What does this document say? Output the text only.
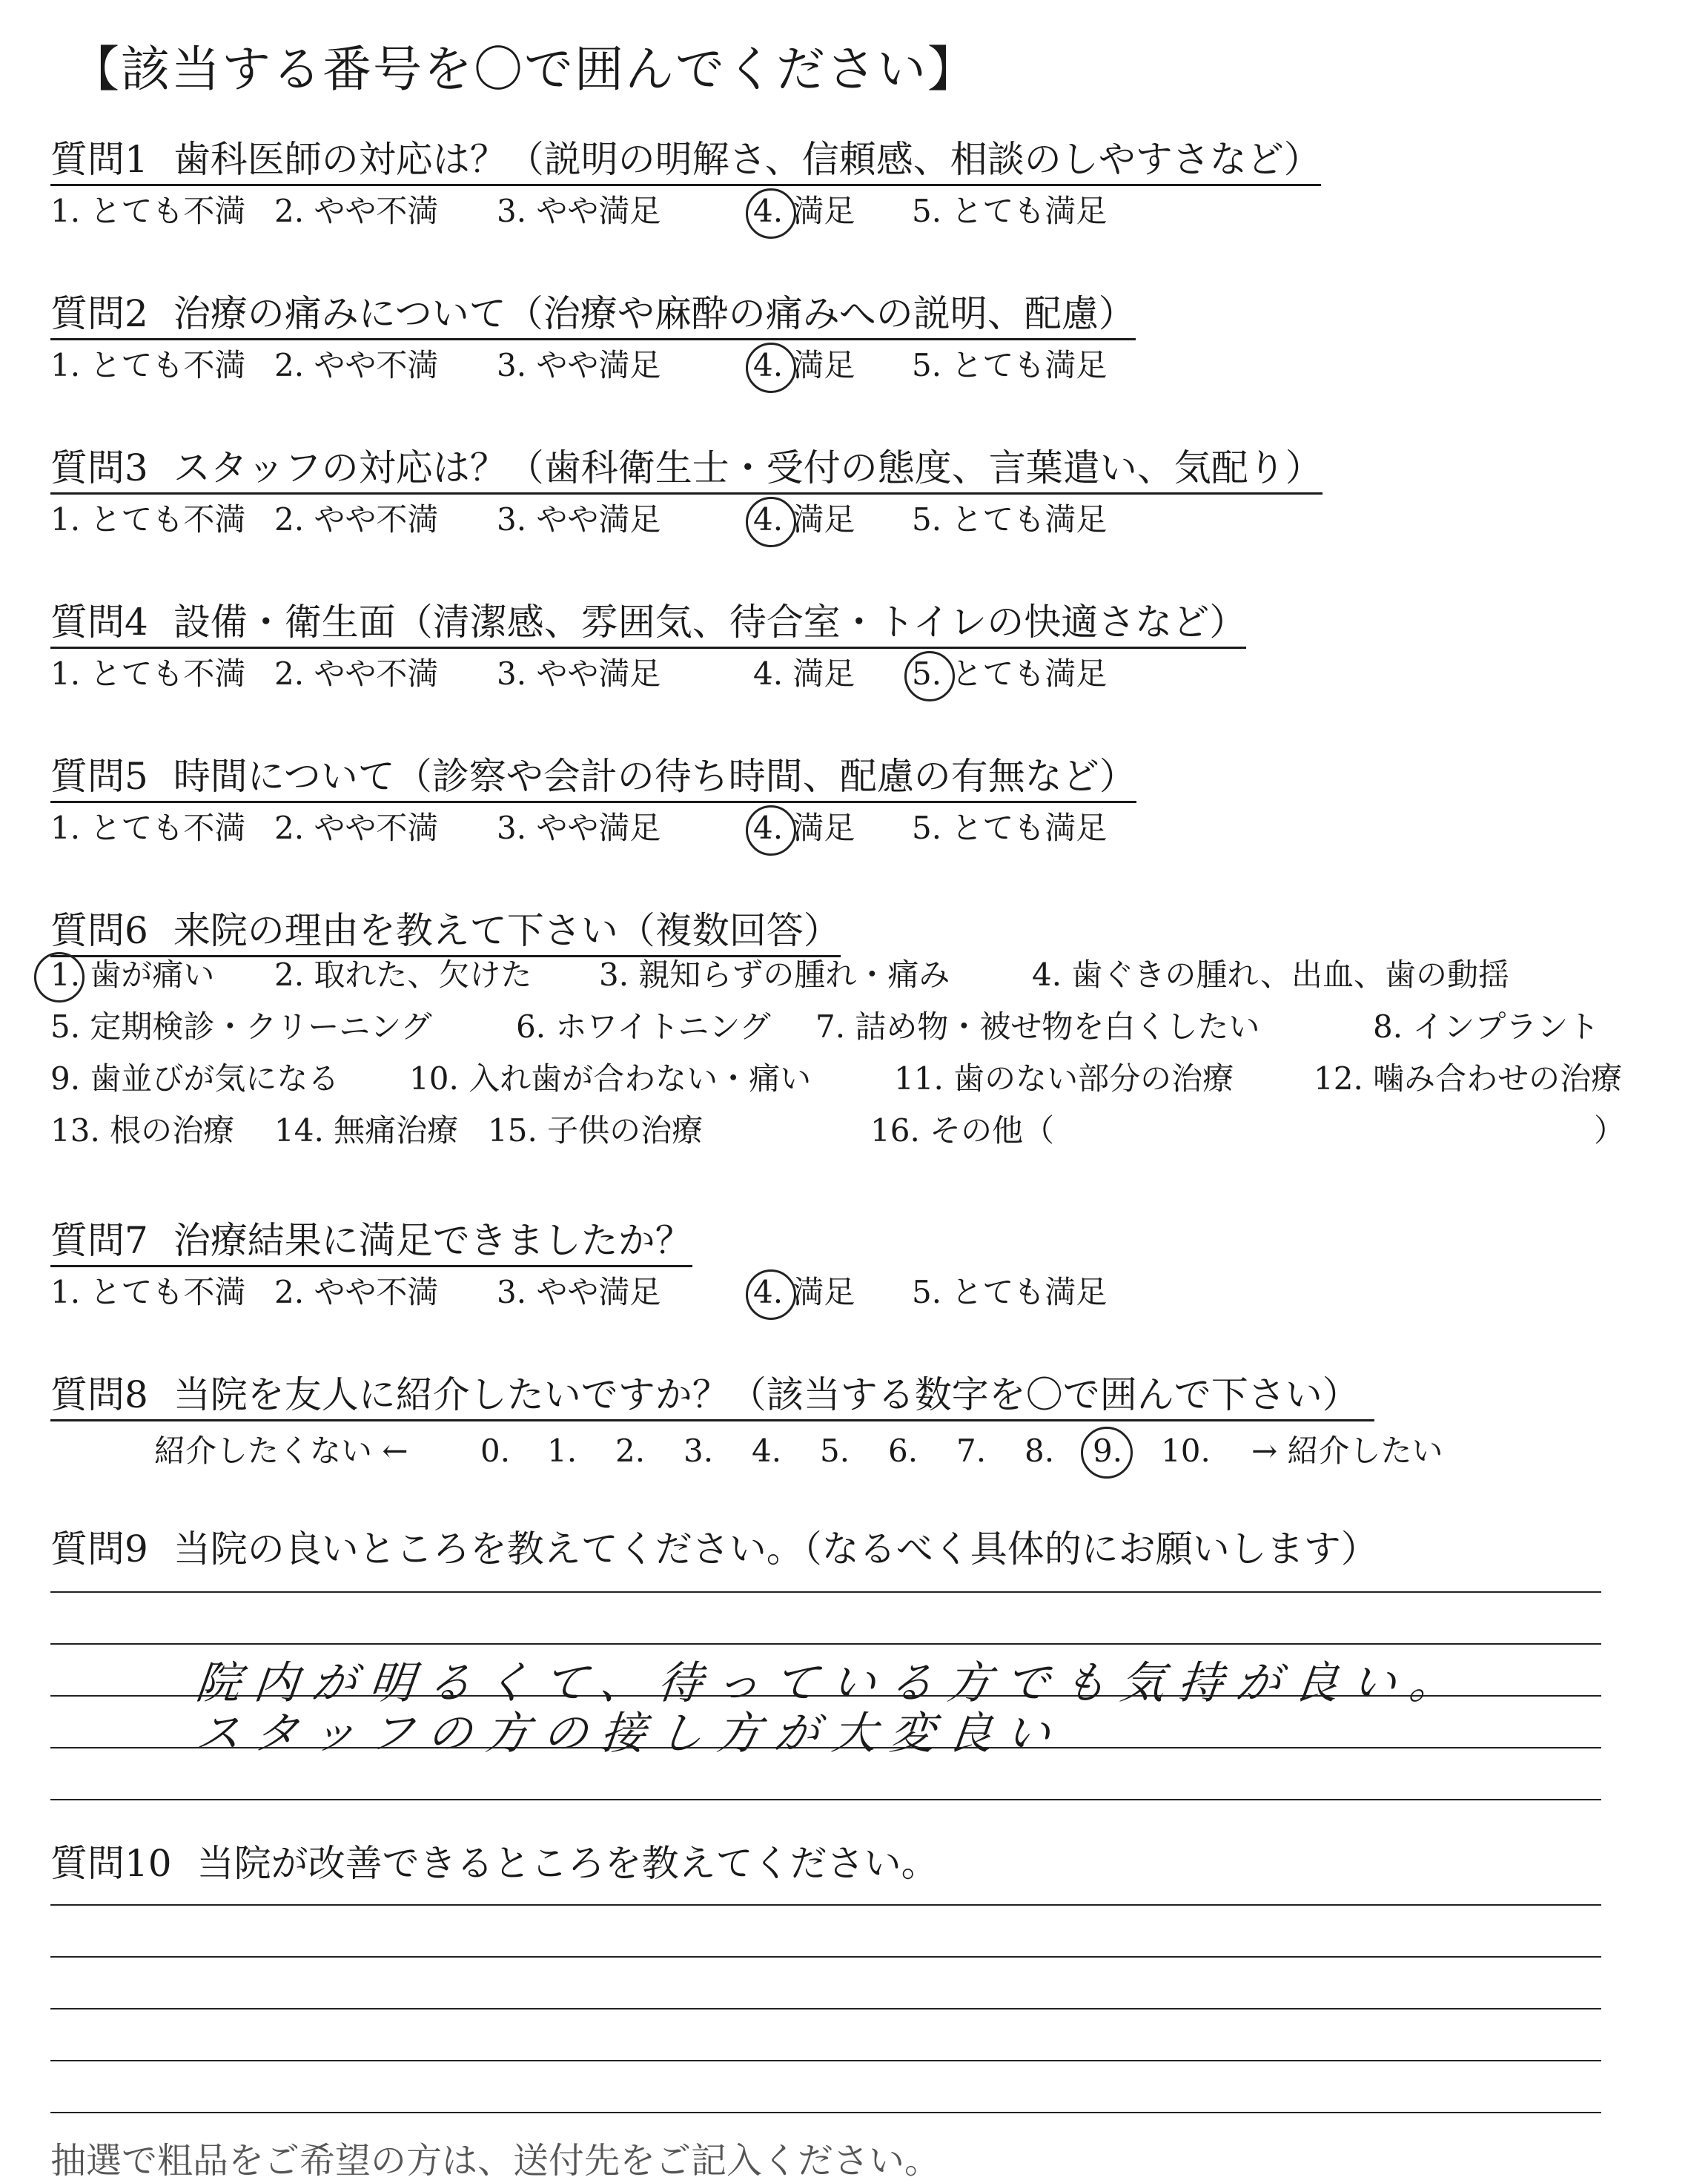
【該当する番号を〇で囲んでください】
質問1 歯科医師の対応は？（説明の明解さ、信頼感、相談のしやすさなど）
1. とても不満 2. やや不満 3. やや満足	4. 満足 5. とても満足
質問2 治療の痛みについて（治療や麻酔の痛みへの説明、配慮）
1. とても不満 2. やや不満 3. やや満足	4. 満足 5. とても満足
質問3 スタッフの対応は？（歯科衛生士・受付の態度、言葉遣い、気配り）
1. とても不満 2. やや不満 3. やや満足	4. 満足 5. とても満足
質問4 設備・衛生面（清潔感、雰囲気、待合室・トイレの快適さなど）
1. とても不満 2. やや不満 3. やや満足	4. 満足 5. とても満足
質問5 時間について（診察や会計の待ち時間、配慮の有無など）
1. とても不満 2. やや不満 3. やや満足	4. 満足 5. とても満足
質問6 来院の理由を教えて下さい（複数回答）
1. 歯が痛い 2. 取れた、欠けた 3. 親知らずの腫れ・痛み	4. 歯ぐきの腫れ、出血、歯の動揺
5. 定期検診・クリーニング	6. ホワイトニング 7. 詰め物・被せ物を白くしたい	8. インプラント
9. 歯並びが気になる 10. 入れ歯が合わない・痛い	11. 歯のない部分の治療	12. 噛み合わせの治療
13. 根の治療 14. 無痛治療 15. 子供の治療	16. その他（	）
質問7 治療結果に満足できましたか？
1. とても不満 2. やや不満 3. やや満足	4. 満足 5. とても満足
質問8 当院を友人に紹介したいですか？（該当する数字を〇で囲んで下さい）
紹介したくない ← 0. 1. 2. 3. 4. 5. 6. 7. 8. 9. 10. → 紹介したい
質問9 当院の良いところを教えてください。（なるべく具体的にお願いします）
院内が明るくて、待っている方でも気持が良い。
スタッフの方の接し方が大変良い
質問10 当院が改善できるところを教えてください。
抽選で粗品をご希望の方は、送付先をご記入ください。
